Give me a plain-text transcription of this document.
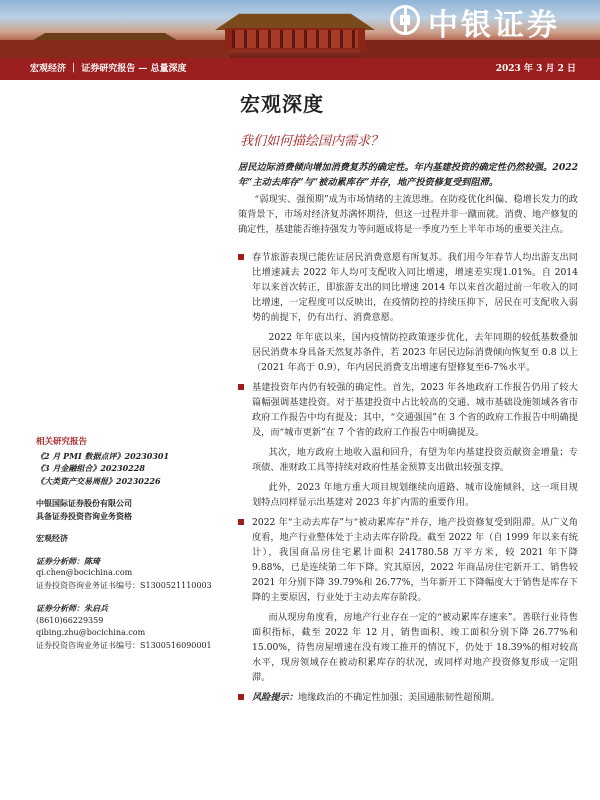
中银证券
宏观经济 ｜ 证券研究报告 — 总量深度	2023 年 3 月 2 日
宏观深度
我们如何描绘国内需求？
居民边际消费倾向增加消费复苏的确定性。年内基建投资的确定性仍然较强。2022 年“主动去库存”与“被动累库存”并存，地产投资修复受到阻滞。
“弱现实、强预期”成为市场情绪的主流思维。在防疫优化纠偏、稳增长发力的政策背景下，市场对经济复苏满怀期待，但这一过程并非一蹴而就。消费、地产修复的确定性，基建能否维持强发力等问题成将是一季度乃至上半年市场的重要关注点。
春节旅游表现已能佐证居民消费意愿有所复苏。我们用今年春节人均出游支出同比增速减去 2022 年人均可支配收入同比增速，增速差实现1.01%。自 2014 年以来首次转正，即旅游支出的同比增速 2014 年以来首次超过前一年收入的同比增速，一定程度可以反映出，在疫情防控的持续压抑下，居民在可支配收入弱势的前提下，仍有出行、消费意愿。
2022 年年底以来，国内疫情防控政策逐步优化，去年同期的较低基数叠加居民消费本身具备天然复苏条件，若 2023 年居民边际消费倾向恢复至 0.8 以上（2021 年高于 0.9），年内居民消费支出增速有望修复至6-7%水平。
基建投资年内仍有较强的确定性。首先，2023 年各地政府工作报告仍用了较大篇幅强调基建投资。对于基建投资中占比较高的交通、城市基础设施领域各省市政府工作报告中均有提及；其中，“交通强国”在 3 个省的政府工作报告中明确提及，而“城市更新”在 7 个省的政府工作报告中明确提及。
其次，地方政府土地收入温和回升，有望为年内基建投资贡献资金增量；专项债、准财政工具等持续对政府性基金预算支出做出较强支撑。
此外，2023 年地方重大项目规划继续向道路、城市设施倾斜，这一项目规划特点同样显示出基建对 2023 年扩内需的重要作用。
2022 年“主动去库存”与“被动累库存”并存，地产投资修复受到阻滞。从广义角度看，地产行业整体处于主动去库存阶段。截至 2022 年（自 1999 年以来有统计），我国商品房住宅累计面积 241780.58 万平方米，较 2021 年下降 9.88%，已是连续第二年下降。究其原因，2022 年商品房住宅新开工、销售较 2021 年分别下降 39.79%和 26.77%，当年新开工下降幅度大于销售是库存下降的主要原因，行业处于主动去库存阶段。
而从现房角度看，房地产行业存在一定的“被动累库存速来”。善联行业待售面积指标，截至 2022 年 12 月，销售面积、竣工面积分别下降 26.77%和 15.00%，待售房屋增速在没有竣工推开的情况下，仍处于 18.39%的相对较高水平，现房领域存在被动积累库存的状况，或同样对地产投资修复形成一定阻滞。
风险提示：地缘政治的不确定性加强；美国通胀韧性超预期。
相关研究报告
《2 月 PMI 数据点评》20230301
《3 月金融组合》20230228
《大类资产交易周报》20230226
中银国际证券股份有限公司
具备证券投资咨询业务资格
宏观经济
证券分析师：陈琦
qi.chen@bocichina.com
证券投资咨询业务证书编号：S1300521110003
证券分析师：朱启兵
(8610)66229359
qibing.zhu@bocichina.com
证券投资咨询业务证书编号：S1300516090001
